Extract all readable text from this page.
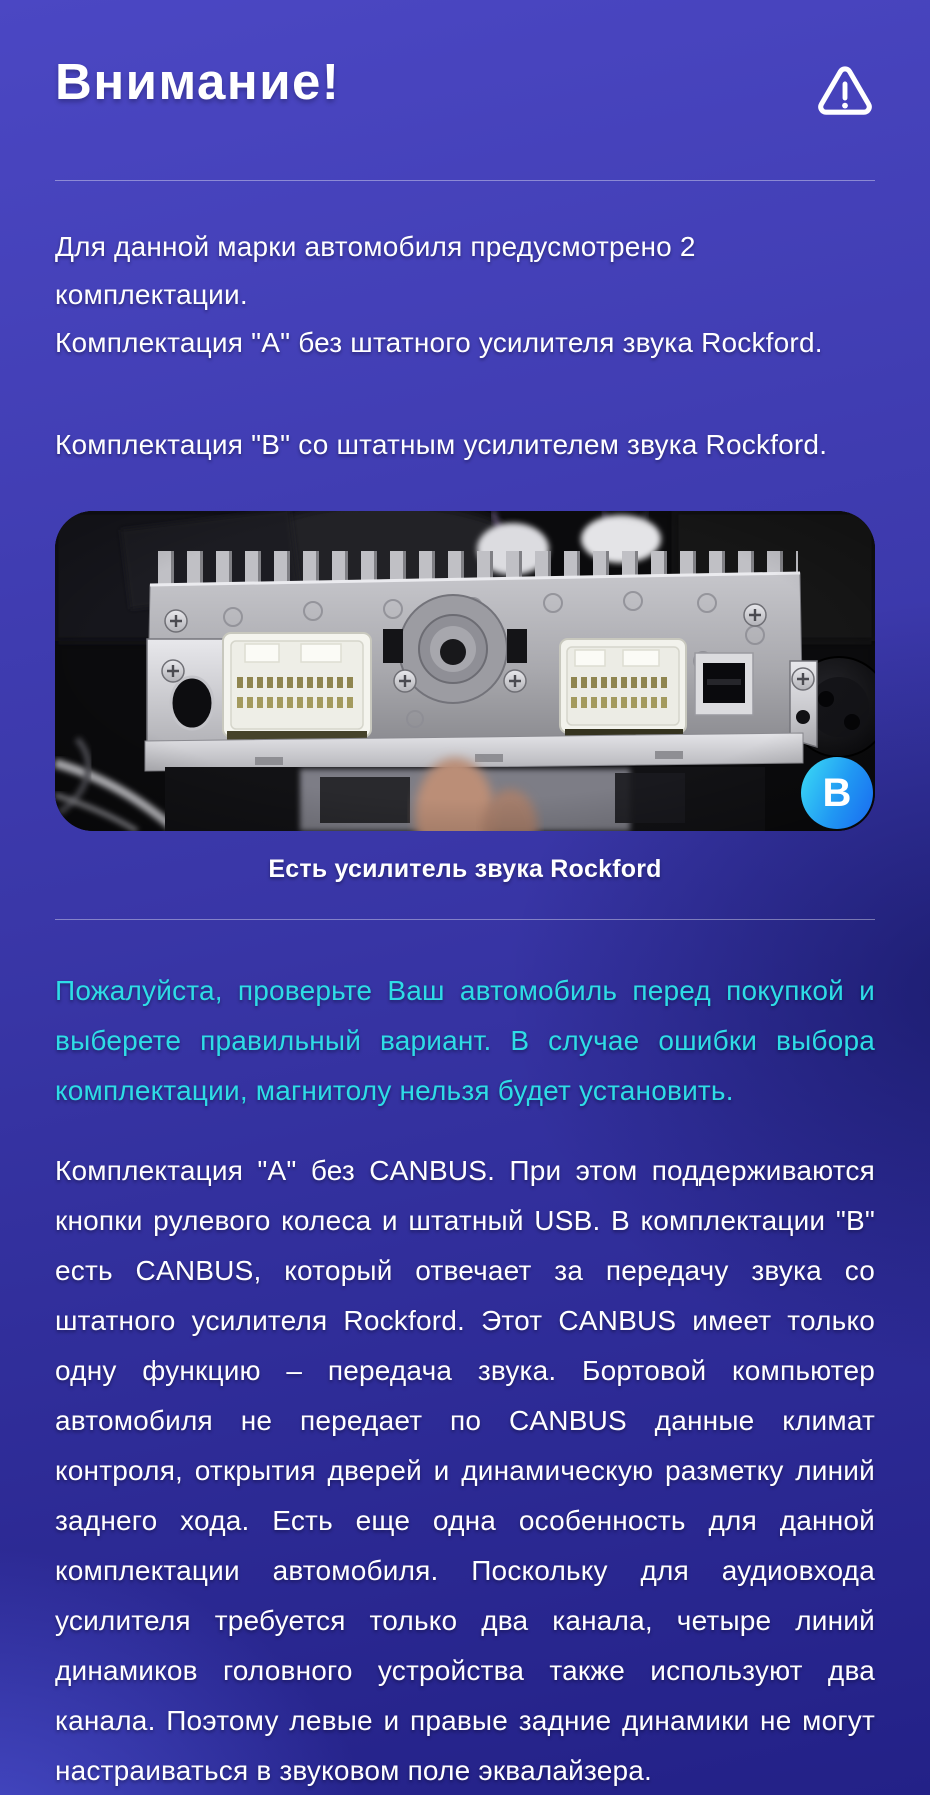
Внимание!

Для данной марки автомобиля предусмотрено 2 комплектации.
Комплектация "А" без штатного усилителя звука Rockford.

Комплектация "B" со штатным усилителем звука Rockford.

B
Есть усилитель звука Rockford

Пожалуйста, проверьте Ваш автомобиль перед покупкой и выберете правильный вариант. В случае ошибки выбора комплектации, магнитолу нельзя будет установить.

Комплектация "А" без CANBUS. При этом поддерживаются кнопки рулевого колеса и штатный USB. В комплектации "B" есть CANBUS, который отвечает за передачу звука со штатного усилителя Rockford. Этот CANBUS имеет только одну функцию – передача звука. Бортовой компьютер автомобиля не передает по CANBUS данные климат контроля, открытия дверей и динамическую разметку линий заднего хода. Есть еще одна особенность для данной комплектации автомобиля. Поскольку для аудиовхода усилителя требуется только два канала, четыре линий динамиков головного устройства также используют два канала. Поэтому левые и правые задние динамики не могут настраиваться в звуковом поле эквалайзера.
